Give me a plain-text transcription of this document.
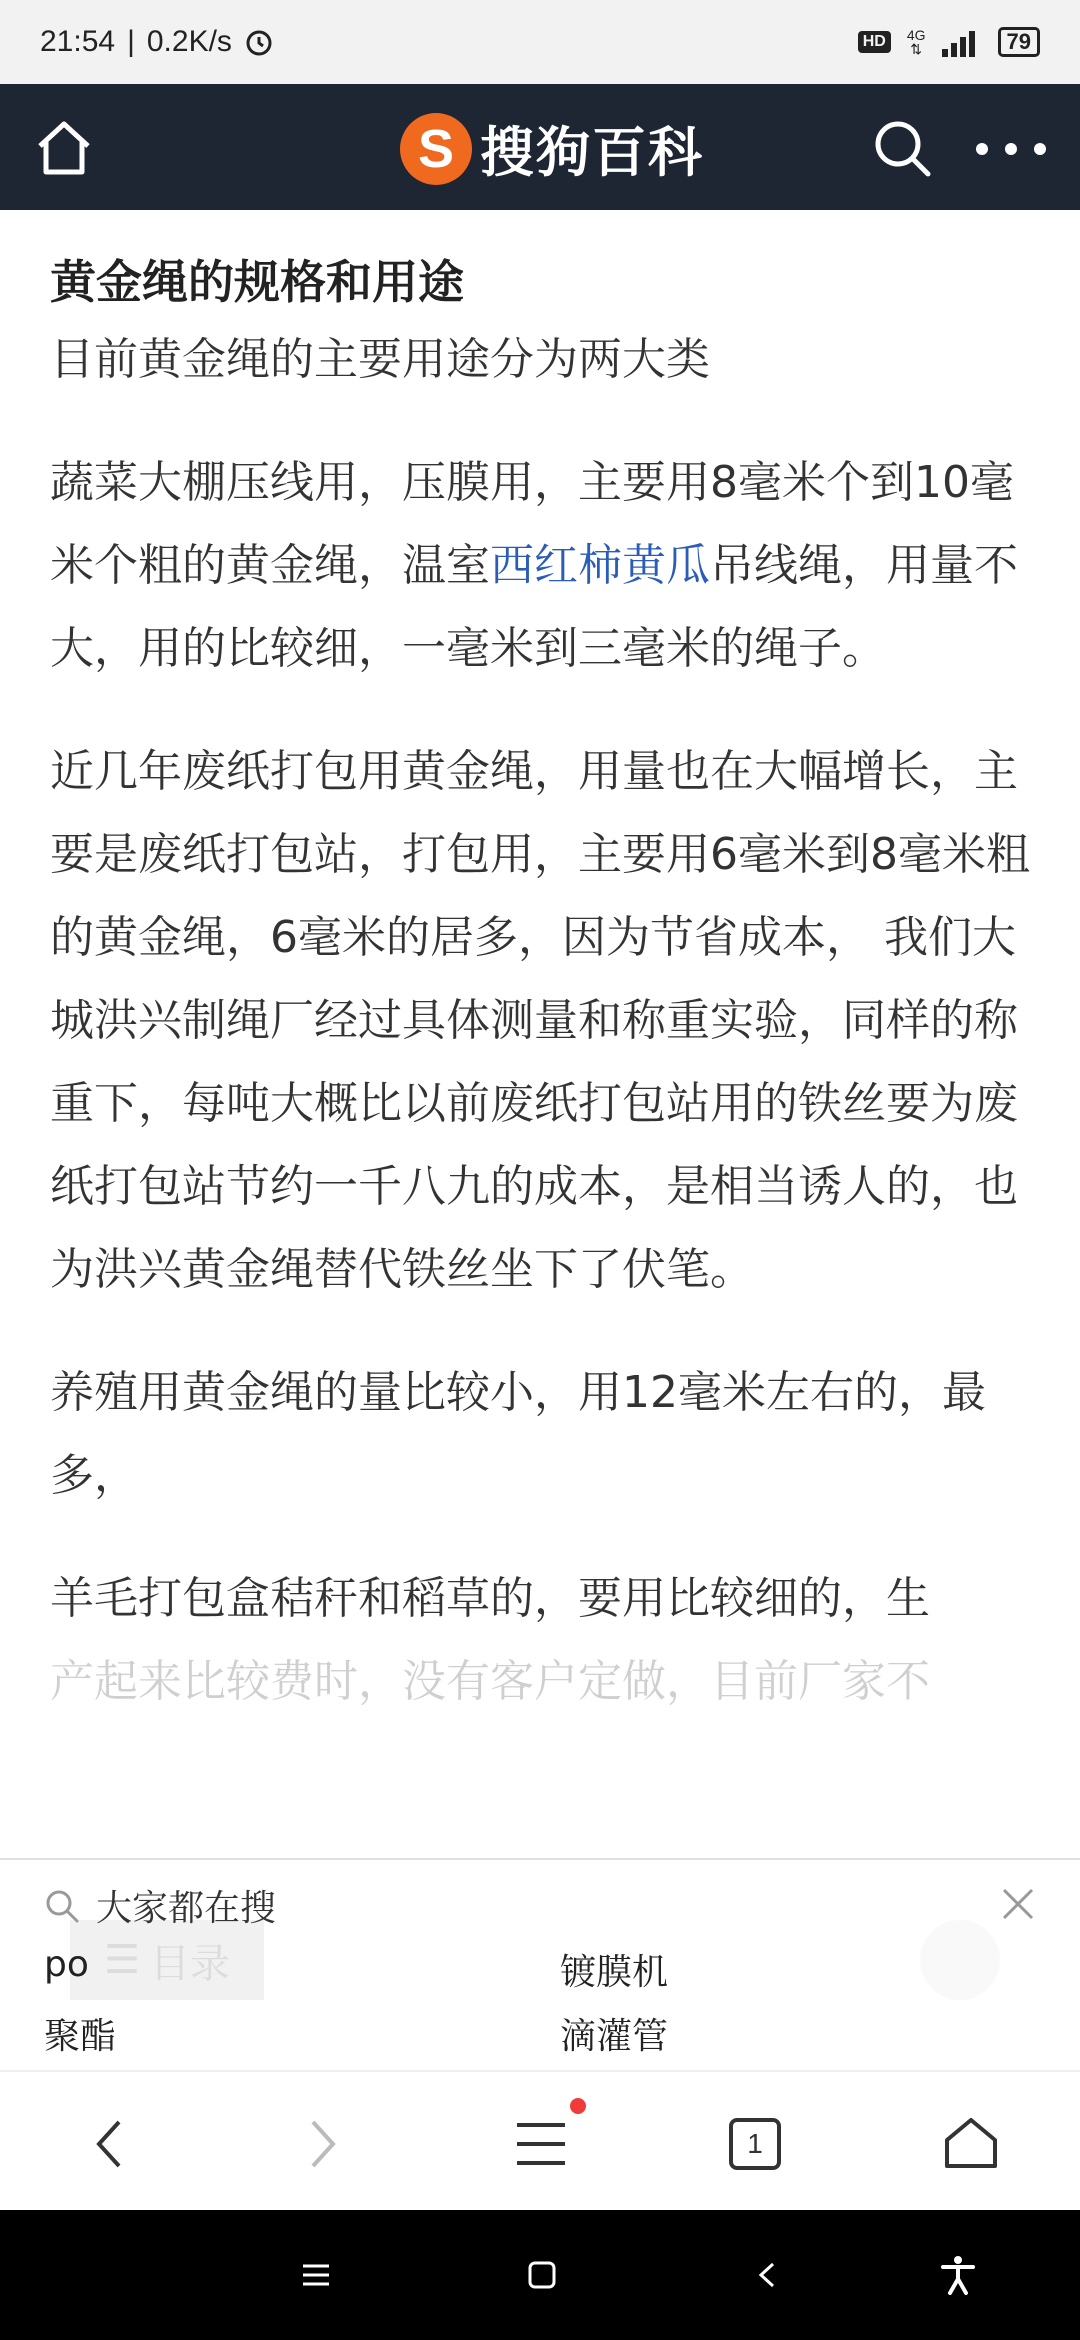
21:54 | 0.2K/s	HD	4G
⇅	79
S 搜狗百科
黄金绳的规格和用途

目前黄金绳的主要用途分为两大类

蔬菜大棚压线用，压膜用，主要用8毫米个到10毫米个粗的黄金绳，温室西红柿黄瓜吊线绳，用量不大，用的比较细，一毫米到三毫米的绳子。

近几年废纸打包用黄金绳，用量也在大幅增长，主要是废纸打包站，打包用，主要用6毫米到8毫米粗的黄金绳，6毫米的居多，因为节省成本， 我们大城洪兴制绳厂经过具体测量和称重实验，同样的称重下，每吨大概比以前废纸打包站用的铁丝要为废纸打包站节约一千八九的成本，是相当诱人的，也为洪兴黄金绳替代铁丝坐下了伏笔。

养殖用黄金绳的量比较小，用12毫米左右的，最多，

羊毛打包盒秸秆和稻草的，要用比较细的，生
产起来比较费时，没有客户定做，目前厂家不

☰ 目录
大家都在搜
po	镀膜机
聚酯	滴灌管
1
